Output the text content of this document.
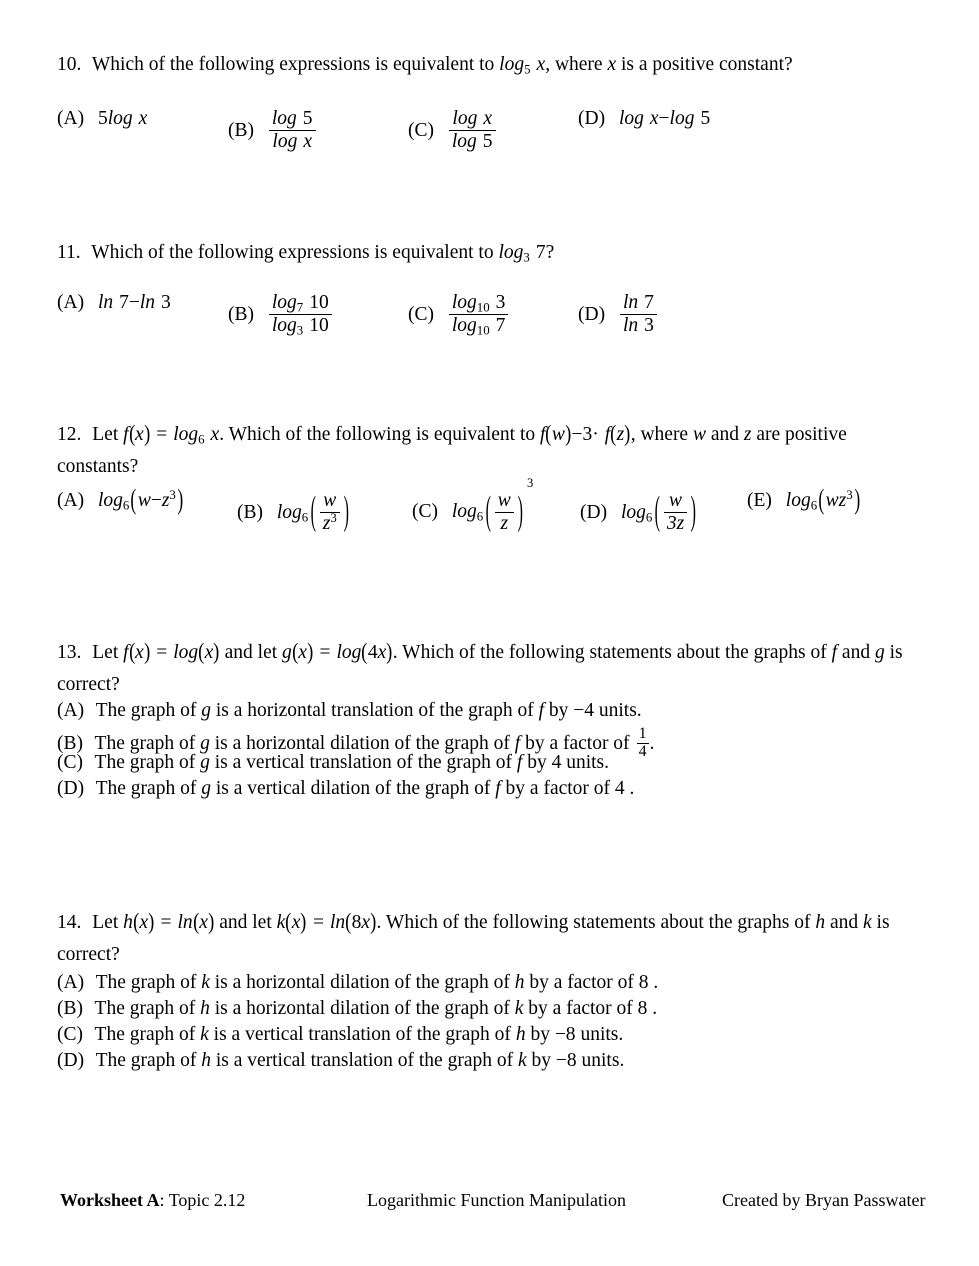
10. Which of the following expressions is equivalent to $\log_5 x$, where x is a positive constant?
(A) 5log x
$(B) \frac{\log 5}{\text{log x}}$	$(C) \frac{\text{log x}}{\log 5}$	(D) log x−log 5
11. Which of the following expressions is equivalent to $\log_3 7$?
(A) ln 7−ln 3
$(B) \frac{\log_7 10}{\log_3 10}$	$(C) \frac{\log_{10} 3}{\log_{10} 7}$	$(D) \frac{\ln 7}{\ln 3}$
12. Let $f(x) = \log_6 x$. Which of the following is equivalent to f(w)−3· f(z), where w and z are positive
constants?
(A) $\log_6(w-z^3)$	(B) $\log_6$ ( $\frac{w}{z^3}$ )	(C) $\log_6$ ( $\frac{w}{z}$ )
3
(D) $\log_6$ ( $\frac{w}{3z}$ )	(E) $\log_6(wz^3)$
13. Let f(x) = log(x) and let g(x) = log(4x). Which of the following statements about the graphs of f and g is
correct?
(A) The graph of g is a horizontal translation of the graph of f by −4 units.
(B) The graph of g is a horizontal dilation of the graph of f by a factor of $\frac{1}{4}$ .
(C) The graph of g is a vertical translation of the graph of f by 4 units.
(D) The graph of g is a vertical dilation of the graph of f by a factor of 4 .
14. Let h(x) = ln(x) and let k(x) = ln(8x). Which of the following statements about the graphs of h and k is
correct?
(A) The graph of k is a horizontal dilation of the graph of h by a factor of 8 .
(B) The graph of h is a horizontal dilation of the graph of k by a factor of 8 .
(C) The graph of k is a vertical translation of the graph of h by −8 units.
(D) The graph of h is a vertical translation of the graph of k by −8 units.
Worksheet A: Topic 2.12	Logarithmic Function Manipulation	Created by Bryan Passwater
